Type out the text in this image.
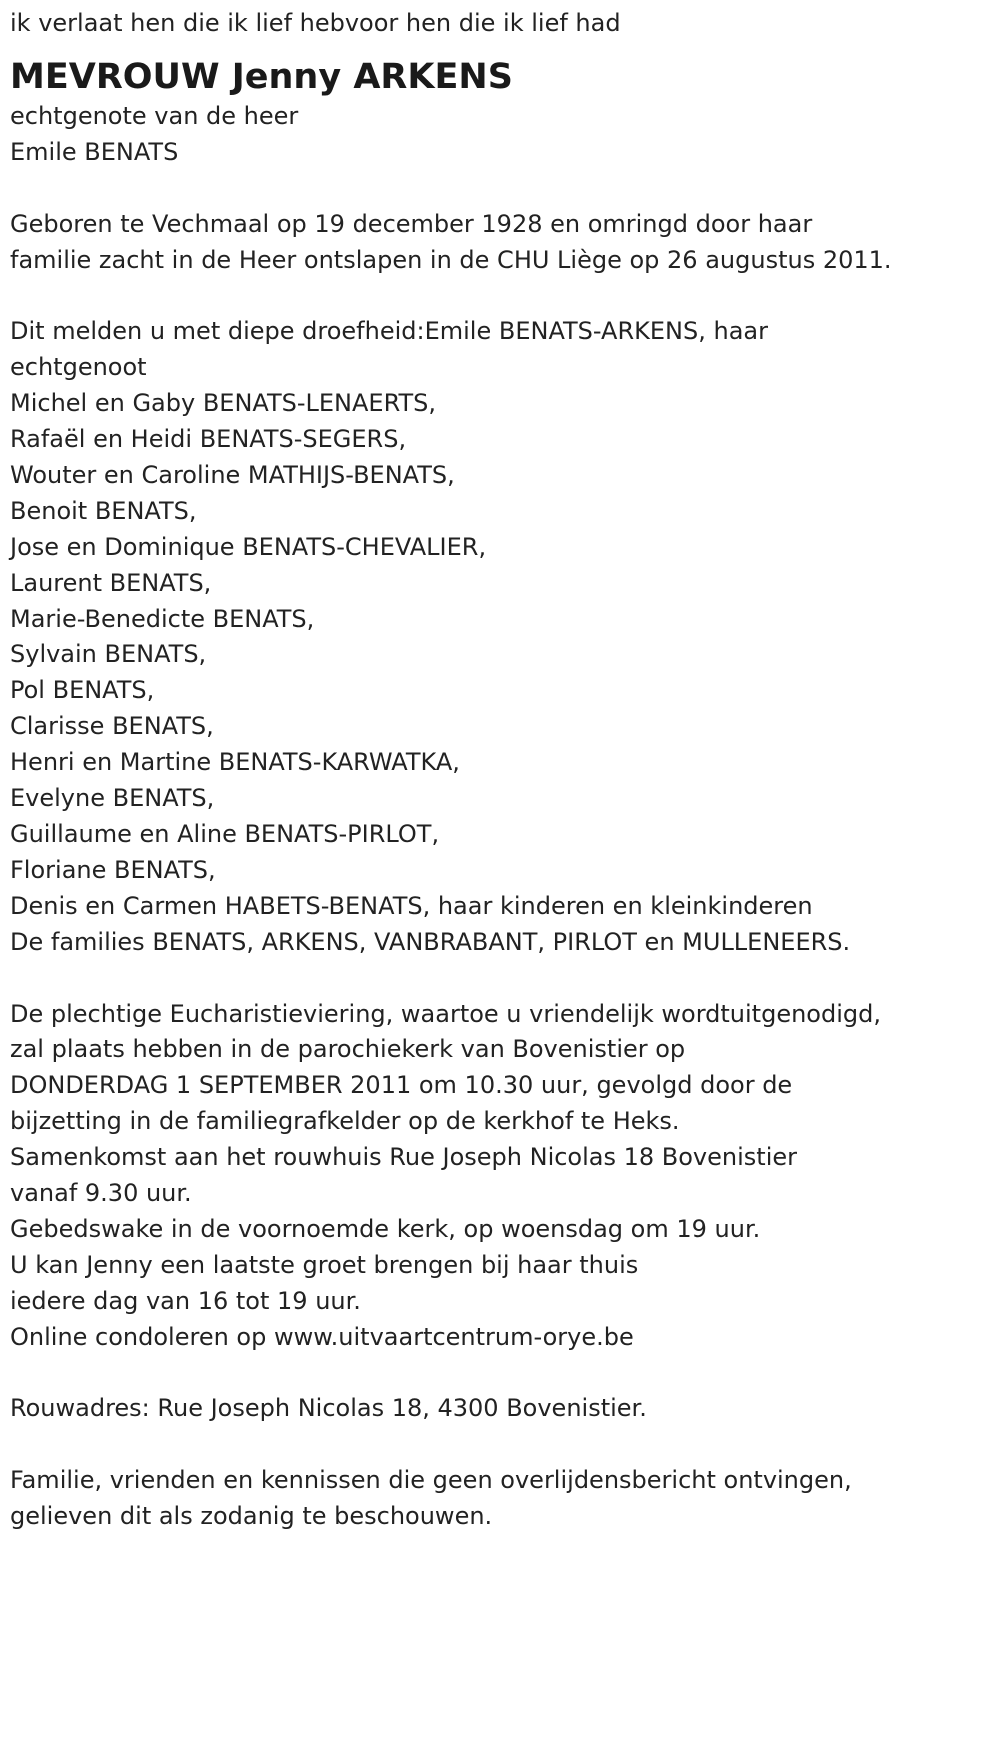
ik verlaat hen die ik lief hebvoor hen die ik lief had
MEVROUW Jenny ARKENS
echtgenote van de heer
Emile BENATS
Geboren te Vechmaal op 19 december 1928 en omringd door haar
familie zacht in de Heer ontslapen in de CHU Liège op 26 augustus 2011.
Dit melden u met diepe droefheid:Emile BENATS-ARKENS, haar
echtgenoot
Michel en Gaby BENATS-LENAERTS,
Rafaël en Heidi BENATS-SEGERS,
Wouter en Caroline MATHIJS-BENATS,
Benoit BENATS,
Jose en Dominique BENATS-CHEVALIER,
Laurent BENATS,
Marie-Benedicte BENATS,
Sylvain BENATS,
Pol BENATS,
Clarisse BENATS,
Henri en Martine BENATS-KARWATKA,
Evelyne BENATS,
Guillaume en Aline BENATS-PIRLOT,
Floriane BENATS,
Denis en Carmen HABETS-BENATS, haar kinderen en kleinkinderen
De families BENATS, ARKENS, VANBRABANT, PIRLOT en MULLENEERS.
De plechtige Eucharistieviering, waartoe u vriendelijk wordtuitgenodigd,
zal plaats hebben in de parochiekerk van Bovenistier op
DONDERDAG 1 SEPTEMBER 2011 om 10.30 uur, gevolgd door de
bijzetting in de familiegrafkelder op de kerkhof te Heks.
Samenkomst aan het rouwhuis Rue Joseph Nicolas 18 Bovenistier
vanaf 9.30 uur.
Gebedswake in de voornoemde kerk, op woensdag om 19 uur.
U kan Jenny een laatste groet brengen bij haar thuis
iedere dag van 16 tot 19 uur.
Online condoleren op www.uitvaartcentrum-orye.be
Rouwadres: Rue Joseph Nicolas 18, 4300 Bovenistier.
Familie, vrienden en kennissen die geen overlijdensbericht ontvingen,
gelieven dit als zodanig te beschouwen.
